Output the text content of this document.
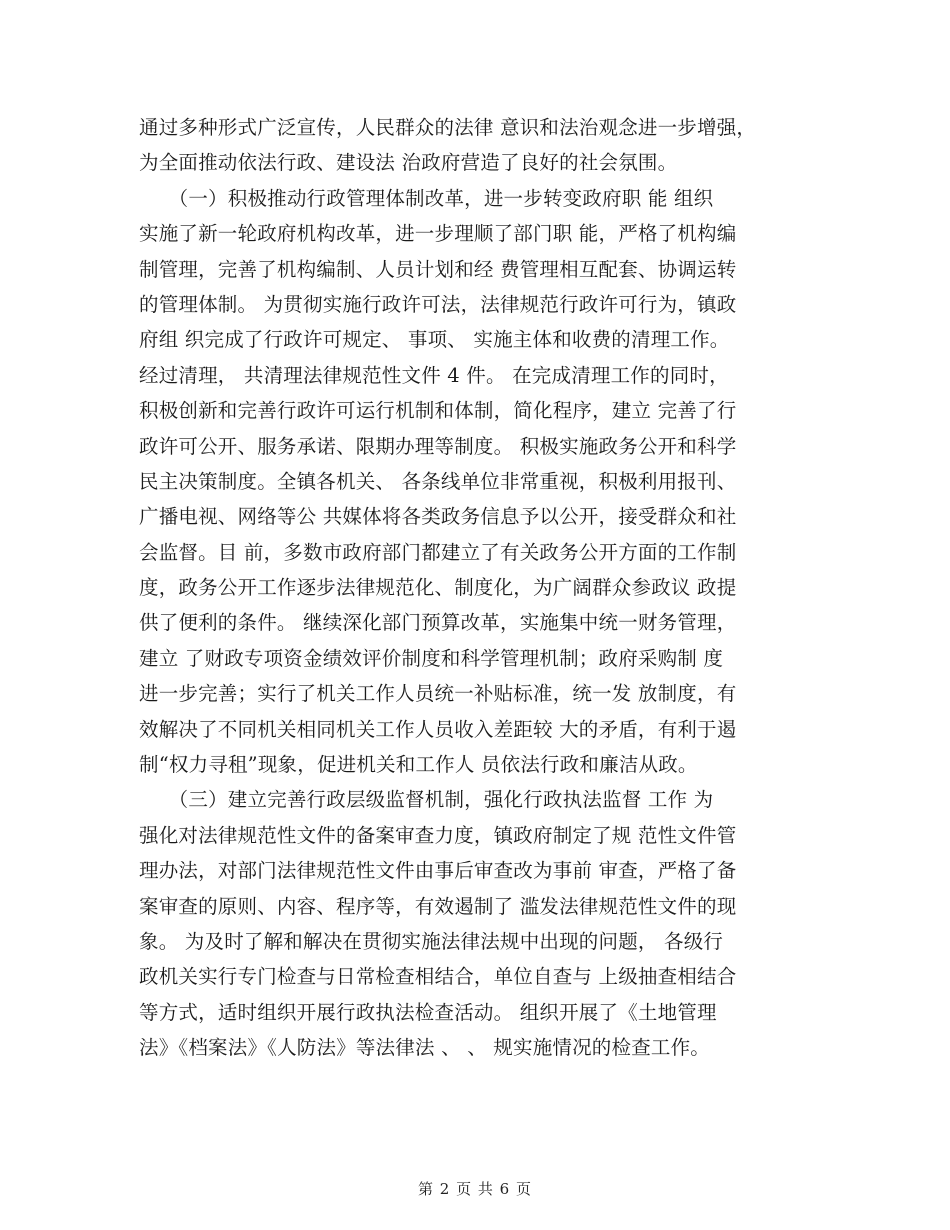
通过多种形式广泛宣传，人民群众的法律 意识和法治观念进一步增强，
为全面推动依法行政、建设法 治政府营造了良好的社会氛围。
　　（一）积极推动行政管理体制改革，进一步转变政府职 能 组织
实施了新一轮政府机构改革，进一步理顺了部门职 能，严格了机构编
制管理，完善了机构编制、人员计划和经 费管理相互配套、协调运转
的管理体制。 为贯彻实施行政许可法，法律规范行政许可行为，镇政
府组 织完成了行政许可规定、 事项、 实施主体和收费的清理工作。
经过清理， 共清理法律规范性文件 4 件。 在完成清理工作的同时，
积极创新和完善行政许可运行机制和体制，简化程序，建立 完善了行
政许可公开、服务承诺、限期办理等制度。 积极实施政务公开和科学
民主决策制度。全镇各机关、 各条线单位非常重视，积极利用报刊、
广播电视、网络等公 共媒体将各类政务信息予以公开，接受群众和社
会监督。目 前，多数市政府部门都建立了有关政务公开方面的工作制
度，政务公开工作逐步法律规范化、制度化，为广阔群众参政议 政提
供了便利的条件。 继续深化部门预算改革，实施集中统一财务管理，
建立 了财政专项资金绩效评价制度和科学管理机制；政府采购制 度
进一步完善；实行了机关工作人员统一补贴标准，统一发 放制度，有
效解决了不同机关相同机关工作人员收入差距较 大的矛盾，有利于遏
制“权力寻租”现象，促进机关和工作人 员依法行政和廉洁从政。
　　（三）建立完善行政层级监督机制，强化行政执法监督 工作 为
强化对法律规范性文件的备案审查力度，镇政府制定了规 范性文件管
理办法，对部门法律规范性文件由事后审查改为事前 审查，严格了备
案审查的原则、内容、程序等，有效遏制了 滥发法律规范性文件的现
象。 为及时了解和解决在贯彻实施法律法规中出现的问题， 各级行
政机关实行专门检查与日常检查相结合，单位自查与 上级抽查相结合
等方式，适时组织开展行政执法检查活动。 组织开展了《土地管理
法》《档案法》《人防法》等法律法 、 、 规实施情况的检查工作。
第 2 页 共 6 页
